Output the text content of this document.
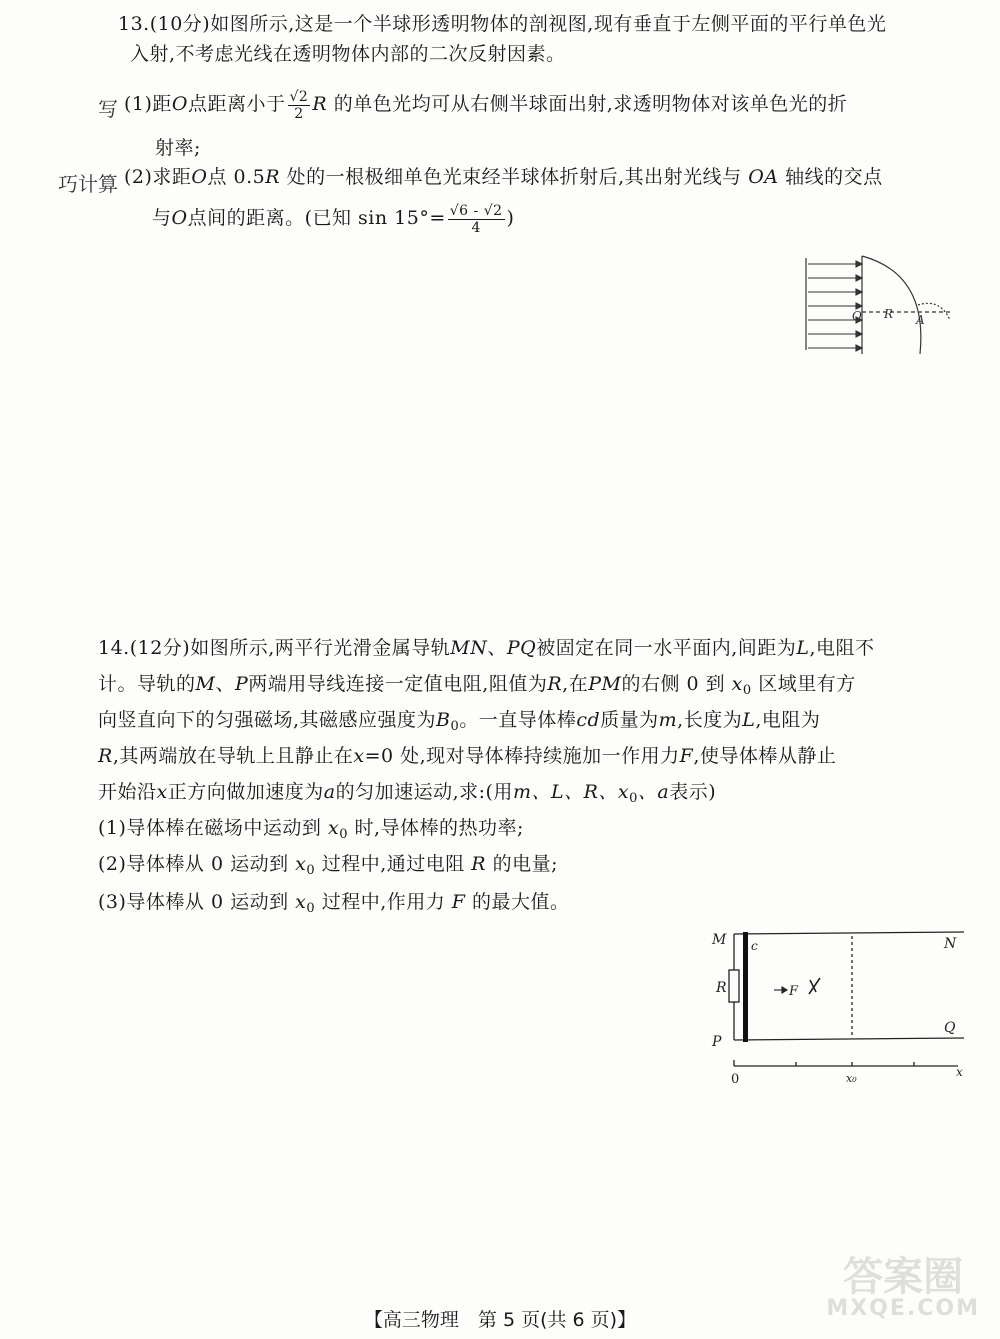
13.(10分)如图所示,这是一个半球形透明物体的剖视图,现有垂直于左侧平面的平行单色光
入射,不考虑光线在透明物体内部的二次反射因素。
写 (1)距O点距离小于 $\frac{√2}{2}$ R 的单色光均可从右侧半球面出射,求透明物体对该单色光的折
射率;
巧计算 (2)求距O点 0.5R 处的一根极细单色光束经半球体折射后,其出射光线与 OA 轴线的交点
与O点间的距离。(已知 $\sin 15^\circ= \frac{√6 - √2}{4}$ )
O R A
14.(12分)如图所示,两平行光滑金属导轨MN、PQ被固定在同一水平面内,间距为L,电阻不
计。导轨的M、P两端用导线连接一定值电阻,阻值为R,在PM的右侧 0 到 $x_0$ 区域里有方
向竖直向下的匀强磁场,其磁感应强度为$B_0$。一直导体棒cd质量为m,长度为L,电阻为
R,其两端放在导轨上且静止在x=0 处,现对导体棒持续施加一作用力F,使导体棒从静止
开始沿x正方向做加速度为a的匀加速运动,求:(用m、L、R、$x_0$、a表示)
(1)导体棒在磁场中运动到 $x_0$ 时,导体棒的热功率;
(2)导体棒从 0 运动到 $x_0$ 过程中,通过电阻 R 的电量;
(3)导体棒从 0 运动到 $x_0$ 过程中,作用力 F 的最大值。
M	N
R
P
Q
c
F
0	x₀	x
【高三物理　第 5 页(共 6 页)】
答案圈
MXQE.COM
